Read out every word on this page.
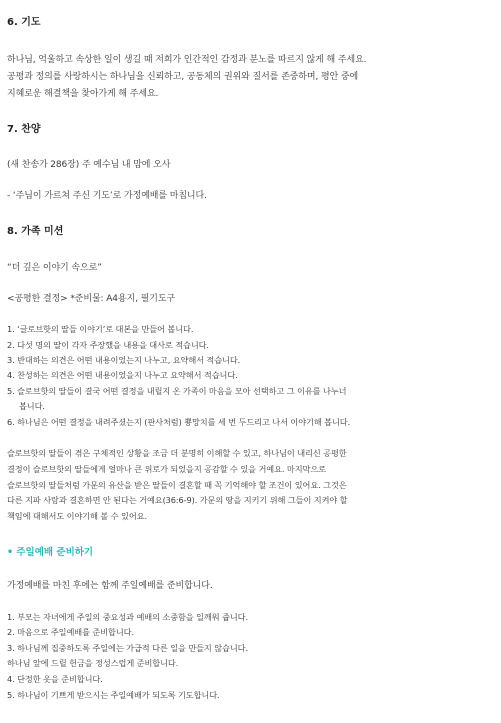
6. 기도
하나님, 억울하고 속상한 일이 생길 때 저희가 인간적인 감정과 분노를 따르지 않게 해 주세요.
공평과 정의를 사랑하시는 하나님을 신뢰하고, 공동체의 권위와 질서를 존중하며, 평안 중에
지혜로운 해결책을 찾아가게 해 주세요.
7. 찬양
(새 찬송가 286장) 주 예수님 내 맘에 오사
- ‘주님이 가르쳐 주신 기도’로 가정예배를 마칩니다.
8. 가족 미션
“더 깊은 이야기 속으로”
<공평한 결정> *준비물: A4용지, 필기도구
1. ‘글로브핫의 딸들 이야기’로 대본을 만들어 봅니다.
2. 다섯 명의 딸이 각자 주장했을 내용을 대사로 적습니다.
3. 반대하는 의견은 어떤 내용이었는지 나누고, 요약해서 적습니다.
4. 찬성하는 의견은 어떤 내용이었을지 나누고 요약해서 적습니다.
5. 슬로브핫의 딸들이 결국 어떤 결정을 내릴지 온 가족이 마음을 모아 선택하고 그 이유를 나누너
봅니다.
6. 하나님은 어떤 결정을 내려주셨는지 (판사처럼) 뿅망치를 세 번 두드리고 나서 이야기해 봅니다.
슬로브핫의 딸들이 겪은 구체적인 상황을 조금 더 분명히 이해할 수 있고, 하나님이 내리신 공평한
결정이 슬로브핫의 딸들에게 얼마나 큰 위로가 되었을지 공감할 수 있을 거예요. 마지막으로
슬로브핫의 딸들처럼 가문의 유산을 받은 딸들이 결혼할 때 꼭 기억해야 할 조건이 있어요. 그것은
다른 지파 사람과 결혼하면 안 된다는 거예요(36:6-9). 가문의 땅을 지키기 위해 그들이 지켜야 할
책임에 대해서도 이야기해 볼 수 있어요.
• 주일예배 준비하기
가정예배를 마친 후에는 함께 주일예배를 준비합니다.
1. 부모는 자녀에게 주일의 중요성과 예배의 소중함을 일깨워 줍니다.
2. 마음으로 주일예배를 준비합니다.
3. 하나님께 집중하도록 주일에는 가급적 다른 일을 만들지 않습니다.
하나님 앞에 드릴 헌금을 정성스럽게 준비합니다.
4. 단정한 옷을 준비합니다.
5. 하나님이 기쁘게 받으시는 주일예배가 되도록 기도합니다.
